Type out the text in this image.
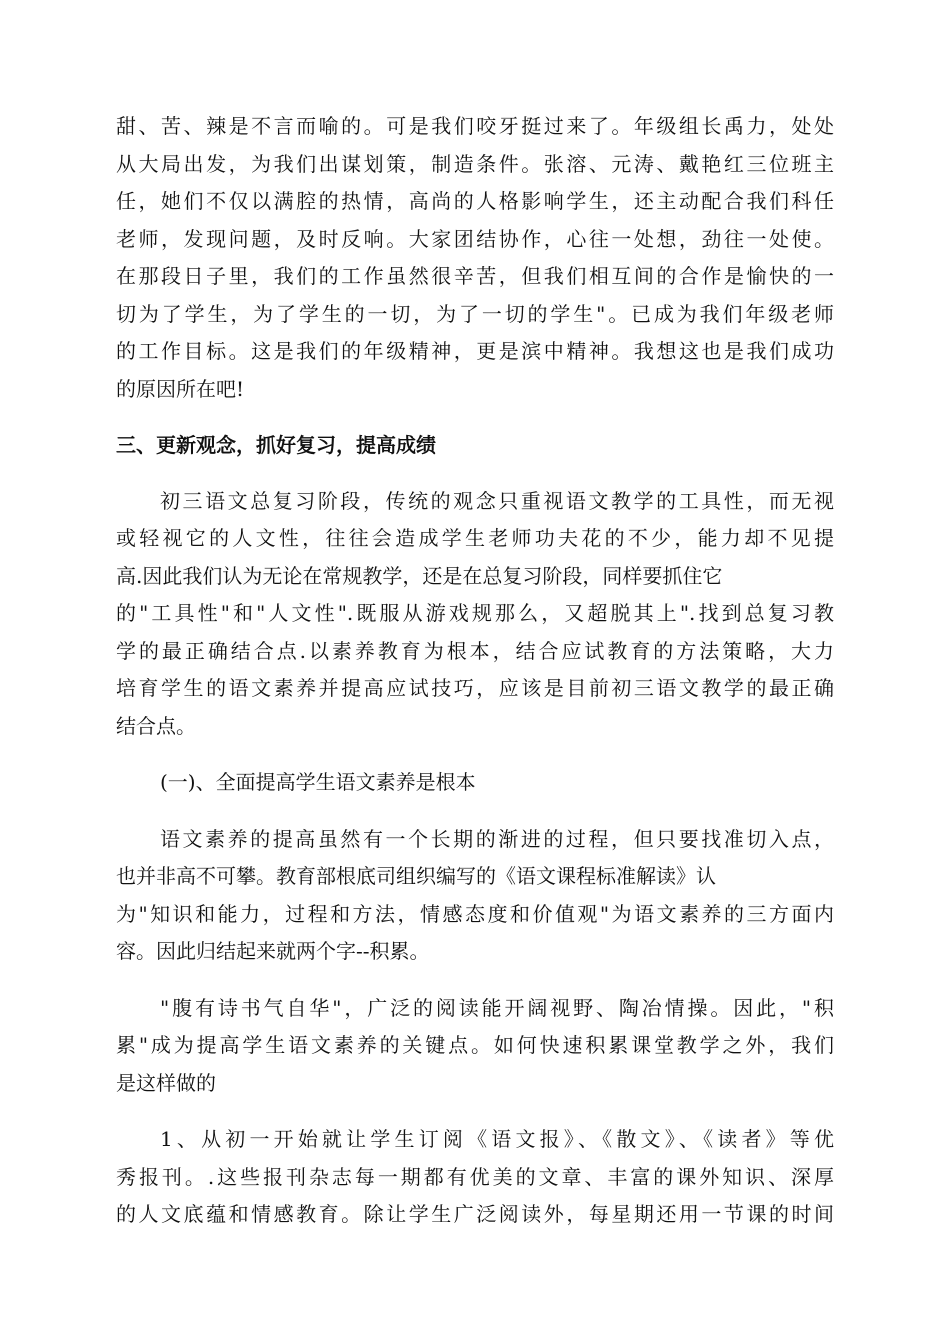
甜、苦、辣是不言而喻的。可是我们咬牙挺过来了。年级组长禹力，处处
从大局出发，为我们出谋划策，制造条件。张溶、元涛、戴艳红三位班主
任，她们不仅以满腔的热情，高尚的人格影响学生，还主动配合我们科任
老师，发现问题，及时反响。大家团结协作，心往一处想，劲往一处使。
在那段日子里，我们的工作虽然很辛苦，但我们相互间的合作是愉快的一
切为了学生，为了学生的一切，为了一切的学生"。已成为我们年级老师
的工作目标。这是我们的年级精神，更是滨中精神。我想这也是我们成功
的原因所在吧!
三、更新观念，抓好复习，提高成绩
初三语文总复习阶段，传统的观念只重视语文教学的工具性，而无视
或轻视它的人文性，往往会造成学生老师功夫花的不少，能力却不见提
高.因此我们认为无论在常规教学，还是在总复习阶段，同样要抓住它
的"工具性"和"人文性".既服从游戏规那么，又超脱其上".找到总复习教
学的最正确结合点.以素养教育为根本，结合应试教育的方法策略，大力
培育学生的语文素养并提高应试技巧，应该是目前初三语文教学的最正确
结合点。
(一)、全面提高学生语文素养是根本
语文素养的提高虽然有一个长期的渐进的过程，但只要找准切入点，
也并非高不可攀。教育部根底司组织编写的《语文课程标准解读》认
为"知识和能力，过程和方法，情感态度和价值观"为语文素养的三方面内
容。因此归结起来就两个字--积累。
"腹有诗书气自华"，广泛的阅读能开阔视野、陶冶情操。因此，"积
累"成为提高学生语文素养的关键点。如何快速积累课堂教学之外，我们
是这样做的
1、从初一开始就让学生订阅《语文报》、《散文》、《读者》等优
秀报刊。.这些报刊杂志每一期都有优美的文章、丰富的课外知识、深厚
的人文底蕴和情感教育。除让学生广泛阅读外，每星期还用一节课的时间
